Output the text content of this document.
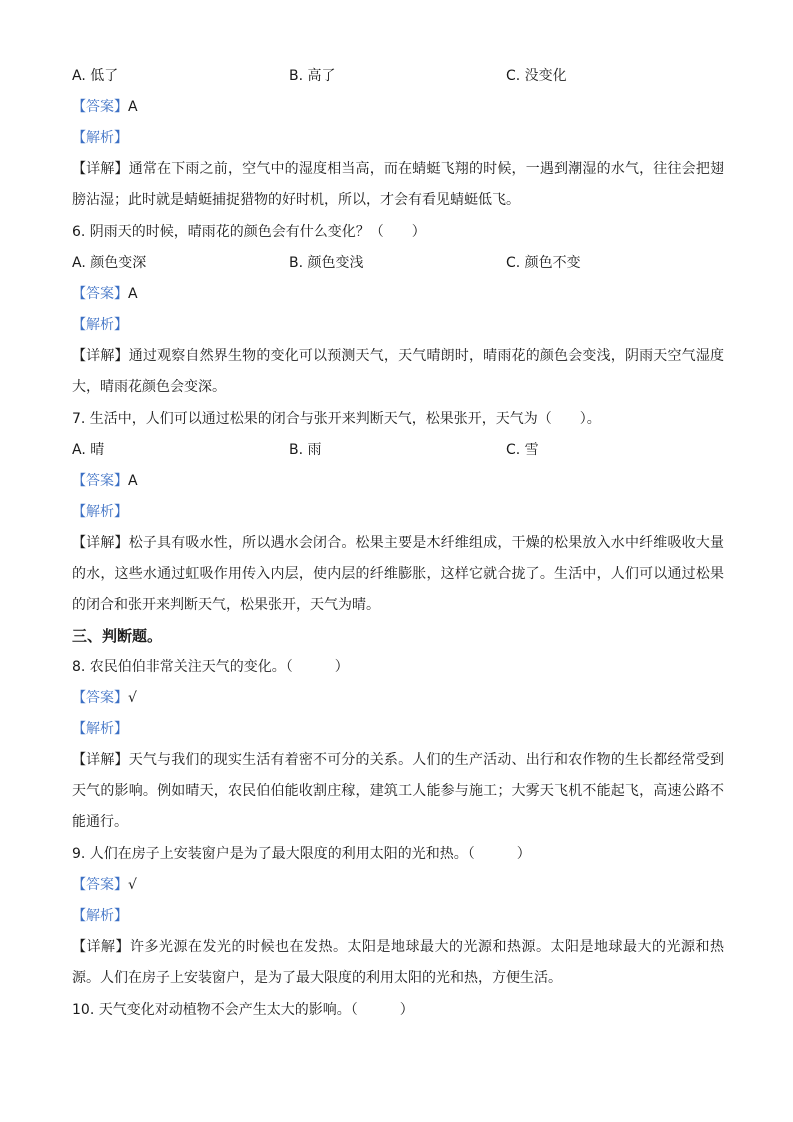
A. 低了	B. 高了	C. 没变化
【答案】A
【解析】
【详解】通常在下雨之前，空气中的湿度相当高，而在蜻蜓飞翔的时候，一遇到潮湿的水气，往往会把翅膀沾湿；此时就是蜻蜓捕捉猎物的好时机，所以，才会有看见蜻蜓低飞。
6. 阴雨天的时候，晴雨花的颜色会有什么变化？（　　）
A. 颜色变深	B. 颜色变浅	C. 颜色不变
【答案】A
【解析】
【详解】通过观察自然界生物的变化可以预测天气，天气晴朗时，晴雨花的颜色会变浅，阴雨天空气湿度大，晴雨花颜色会变深。
7. 生活中，人们可以通过松果的闭合与张开来判断天气，松果张开，天气为（　　）。
A. 晴	B. 雨	C. 雪
【答案】A
【解析】
【详解】松子具有吸水性，所以遇水会闭合。松果主要是木纤维组成，干燥的松果放入水中纤维吸收大量的水，这些水通过虹吸作用传入内层，使内层的纤维膨胀，这样它就合拢了。生活中，人们可以通过松果的闭合和张开来判断天气，松果张开，天气为晴。
三、判断题。
8. 农民伯伯非常关注天气的变化。（　　　）
【答案】√
【解析】
【详解】天气与我们的现实生活有着密不可分的关系。人们的生产活动、出行和农作物的生长都经常受到天气的影响。例如晴天，农民伯伯能收割庄稼，建筑工人能参与施工；大雾天飞机不能起飞，高速公路不能通行。
9. 人们在房子上安装窗户是为了最大限度的利用太阳的光和热。（　　　）
【答案】√
【解析】
【详解】许多光源在发光的时候也在发热。太阳是地球最大的光源和热源。太阳是地球最大的光源和热源。人们在房子上安装窗户，是为了最大限度的利用太阳的光和热，方便生活。
10. 天气变化对动植物不会产生太大的影响。（　　　）
